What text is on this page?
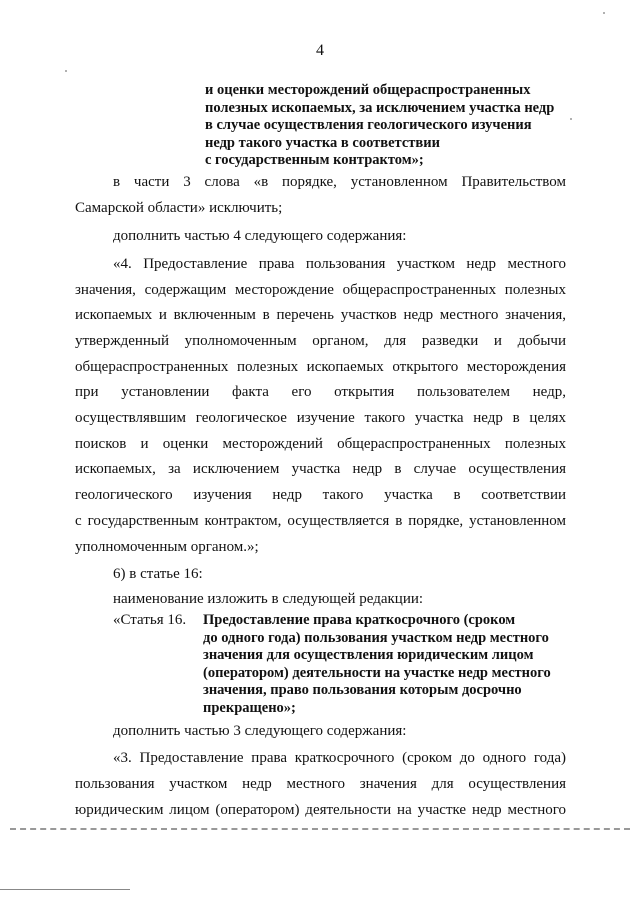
4
и оценки месторождений общераспространенных
полезных ископаемых, за исключением участка недр
в случае осуществления геологического изучения
недр такого участка в соответствии
с государственным контрактом»;
в части 3 слова «в порядке, установленном Правительством
Самарской области» исключить;
дополнить частью 4 следующего содержания:
«4. Предоставление права пользования участком недр местного
значения, содержащим месторождение общераспространенных полезных
ископаемых и включенным в перечень участков недр местного значения,
утвержденный уполномоченным органом, для разведки и добычи
общераспространенных полезных ископаемых открытого месторождения
при установлении факта его открытия пользователем недр,
осуществлявшим геологическое изучение такого участка недр в целях
поисков и оценки месторождений общераспространенных полезных
ископаемых, за исключением участка недр в случае осуществления
геологического изучения недр такого участка в соответствии
с государственным контрактом, осуществляется в порядке, установленном
уполномоченным органом.»;
6) в статье 16:
наименование изложить в следующей редакции:
«Статья 16. Предоставление права краткосрочного (сроком
до одного года) пользования участком недр местного
значения для осуществления юридическим лицом
(оператором) деятельности на участке недр местного
значения, право пользования которым досрочно
прекращено»;
дополнить частью 3 следующего содержания:
«3. Предоставление права краткосрочного (сроком до одного года)
пользования участком недр местного значения для осуществления
юридическим лицом (оператором) деятельности на участке недр местного
